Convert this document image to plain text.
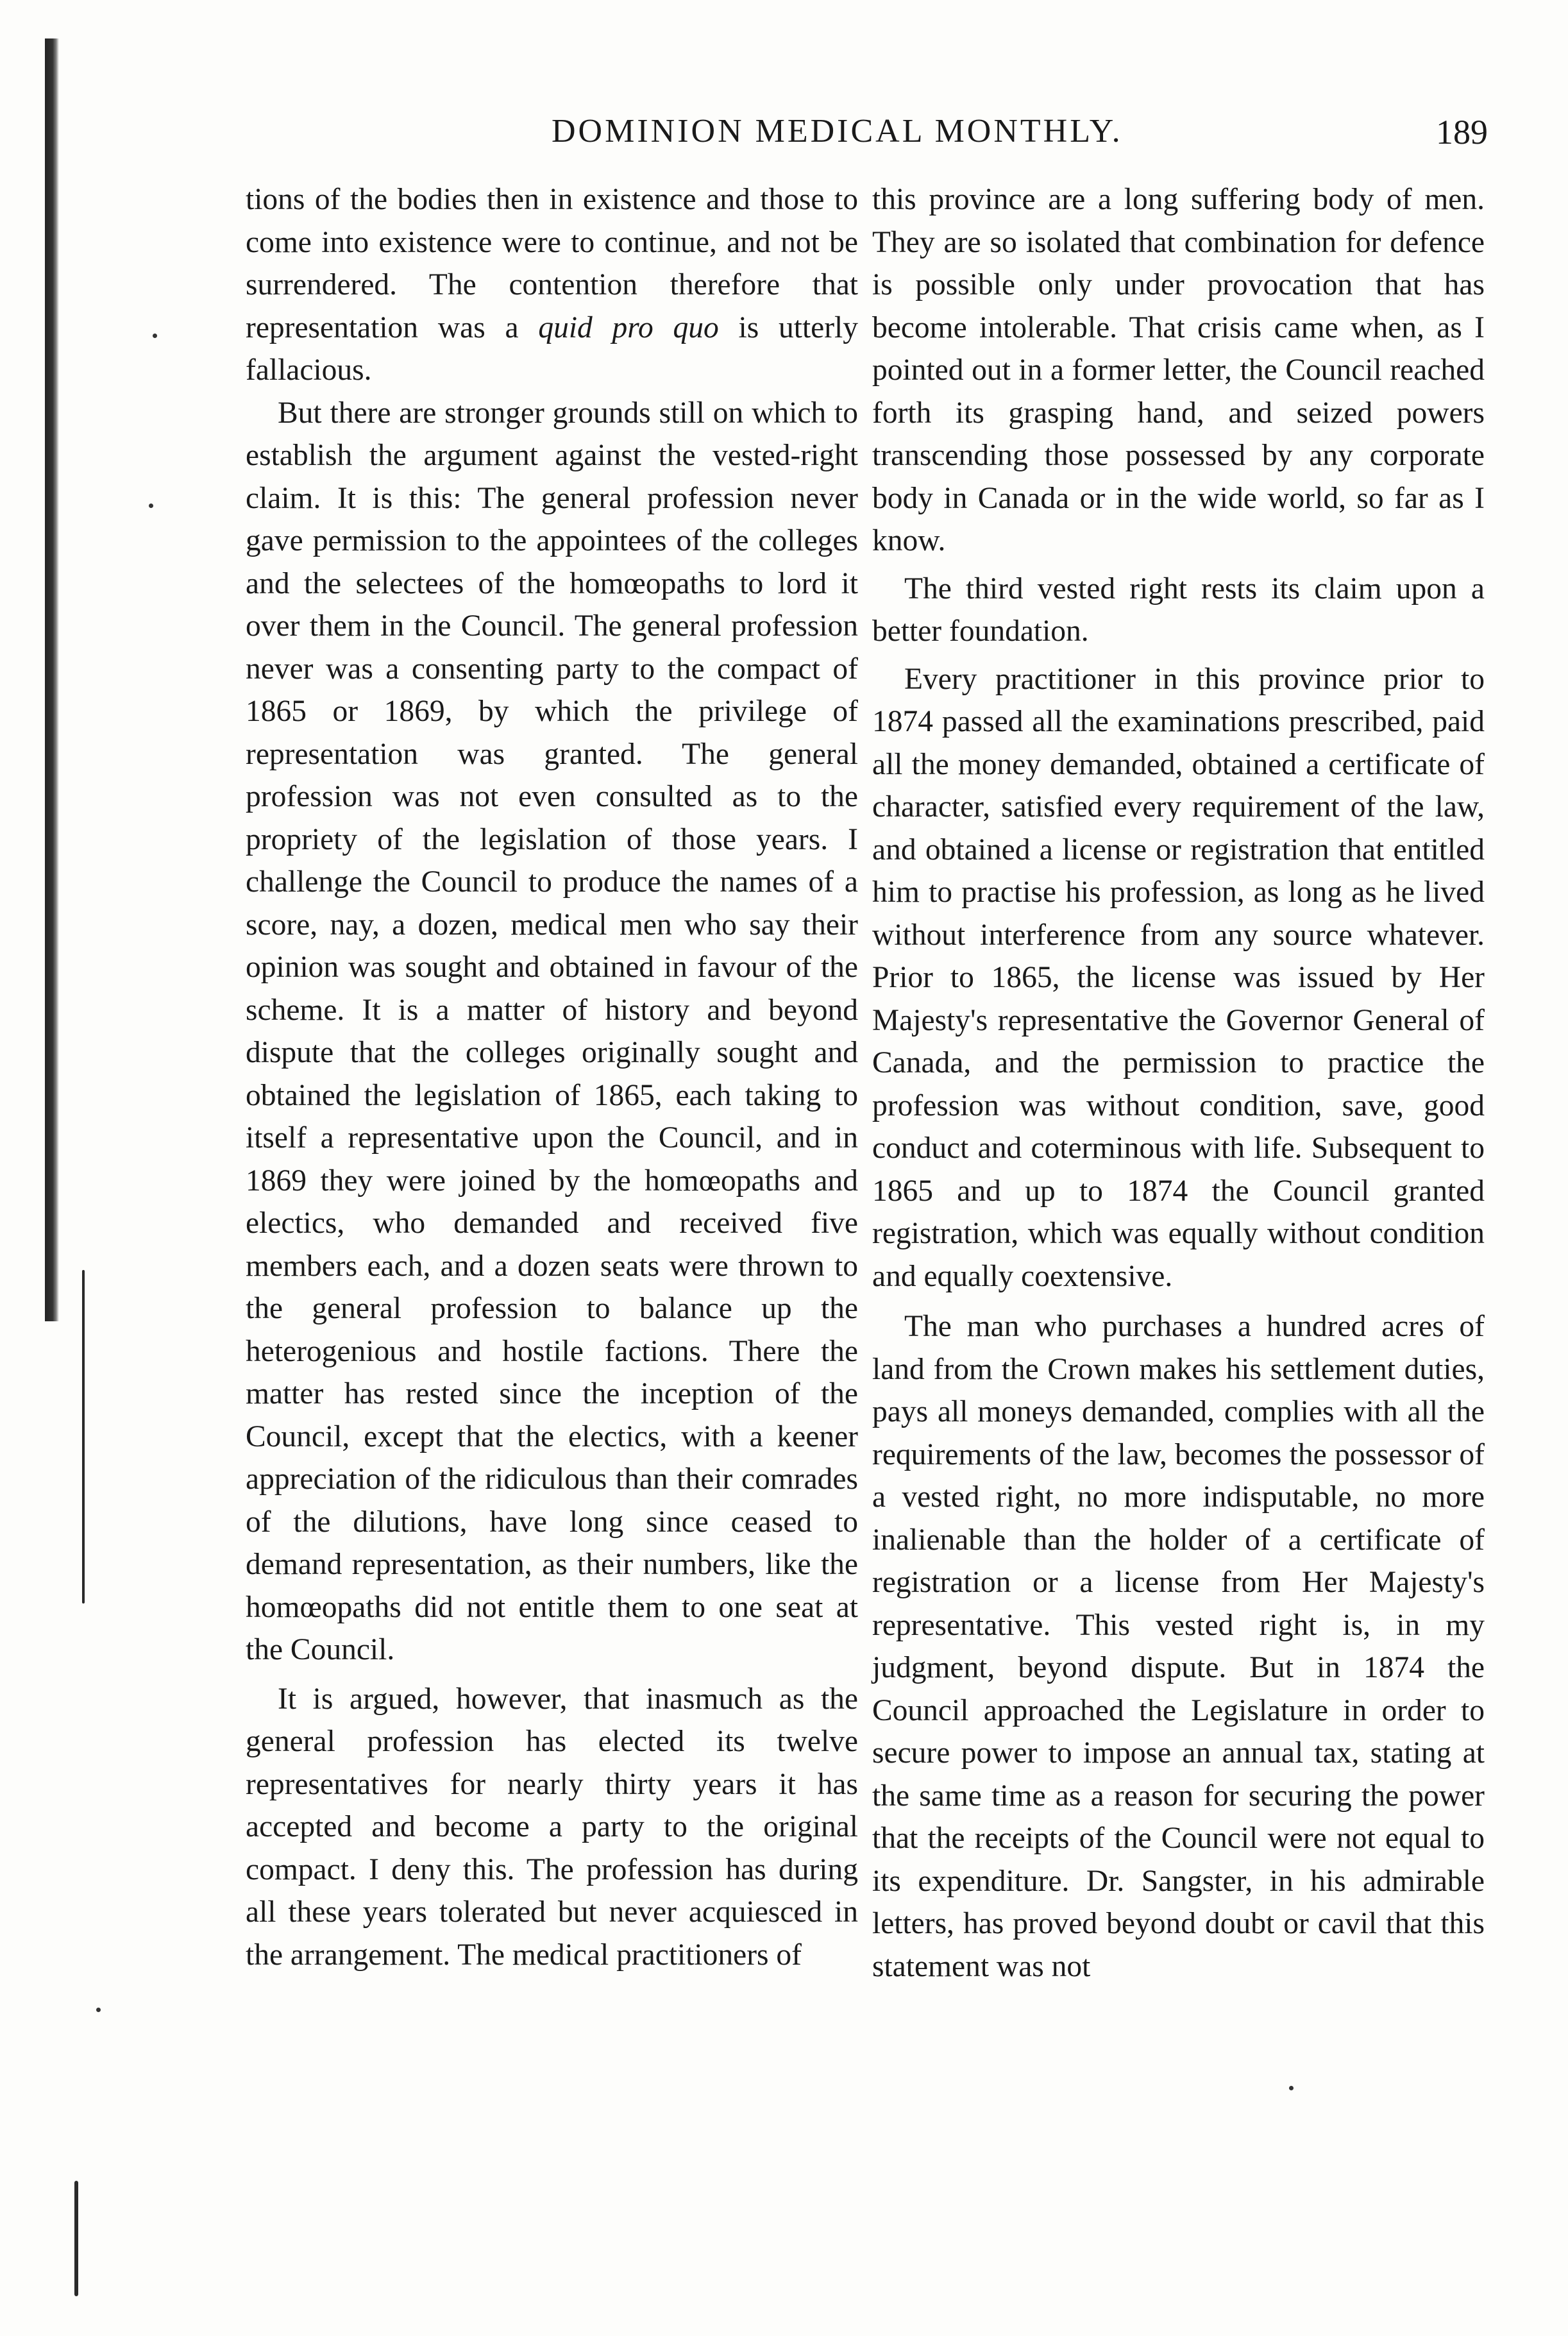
DOMINION MEDICAL MONTHLY.	189

tions of the bodies then in existence and those to come into existence were to continue, and not be surrendered. The contention therefore that representation was a quid pro quo is utterly fallacious.

But there are stronger grounds still on which to establish the argument against the vested-right claim. It is this: The general profession never gave permission to the appointees of the colleges and the selectees of the homœopaths to lord it over them in the Council. The general profession never was a consenting party to the compact of 1865 or 1869, by which the privilege of representation was granted. The general profession was not even consulted as to the propriety of the legislation of those years. I challenge the Council to produce the names of a score, nay, a dozen, medical men who say their opinion was sought and obtained in favour of the scheme. It is a matter of history and beyond dispute that the colleges originally sought and obtained the legislation of 1865, each taking to itself a representative upon the Council, and in 1869 they were joined by the homœopaths and electics, who demanded and received five members each, and a dozen seats were thrown to the general profession to balance up the heterogenious and hostile factions. There the matter has rested since the inception of the Council, except that the electics, with a keener appreciation of the ridiculous than their comrades of the dilutions, have long since ceased to demand representation, as their numbers, like the homœopaths did not entitle them to one seat at the Council.

It is argued, however, that inasmuch as the general profession has elected its twelve representatives for nearly thirty years it has accepted and become a party to the original compact. I deny this. The profession has during all these years tolerated but never acquiesced in the arrangement. The medical practitioners of

this province are a long suffering body of men. They are so isolated that combination for defence is possible only under provocation that has become intolerable. That crisis came when, as I pointed out in a former letter, the Council reached forth its grasping hand, and seized powers transcending those possessed by any corporate body in Canada or in the wide world, so far as I know.

The third vested right rests its claim upon a better foundation.

Every practitioner in this province prior to 1874 passed all the examinations prescribed, paid all the money demanded, obtained a certificate of character, satisfied every requirement of the law, and obtained a license or registration that entitled him to practise his profession, as long as he lived without interference from any source whatever. Prior to 1865, the license was issued by Her Majesty's representative the Governor General of Canada, and the permission to practice the profession was without condition, save, good conduct and coterminous with life. Subsequent to 1865 and up to 1874 the Council granted registration, which was equally without condition and equally coextensive.

The man who purchases a hundred acres of land from the Crown makes his settlement duties, pays all moneys demanded, complies with all the requirements of the law, becomes the possessor of a vested right, no more indisputable, no more inalienable than the holder of a certificate of registration or a license from Her Majesty's representative. This vested right is, in my judgment, beyond dispute. But in 1874 the Council approached the Legislature in order to secure power to impose an annual tax, stating at the same time as a reason for securing the power that the receipts of the Council were not equal to its expenditure. Dr. Sangster, in his admirable letters, has proved beyond doubt or cavil that this statement was not
